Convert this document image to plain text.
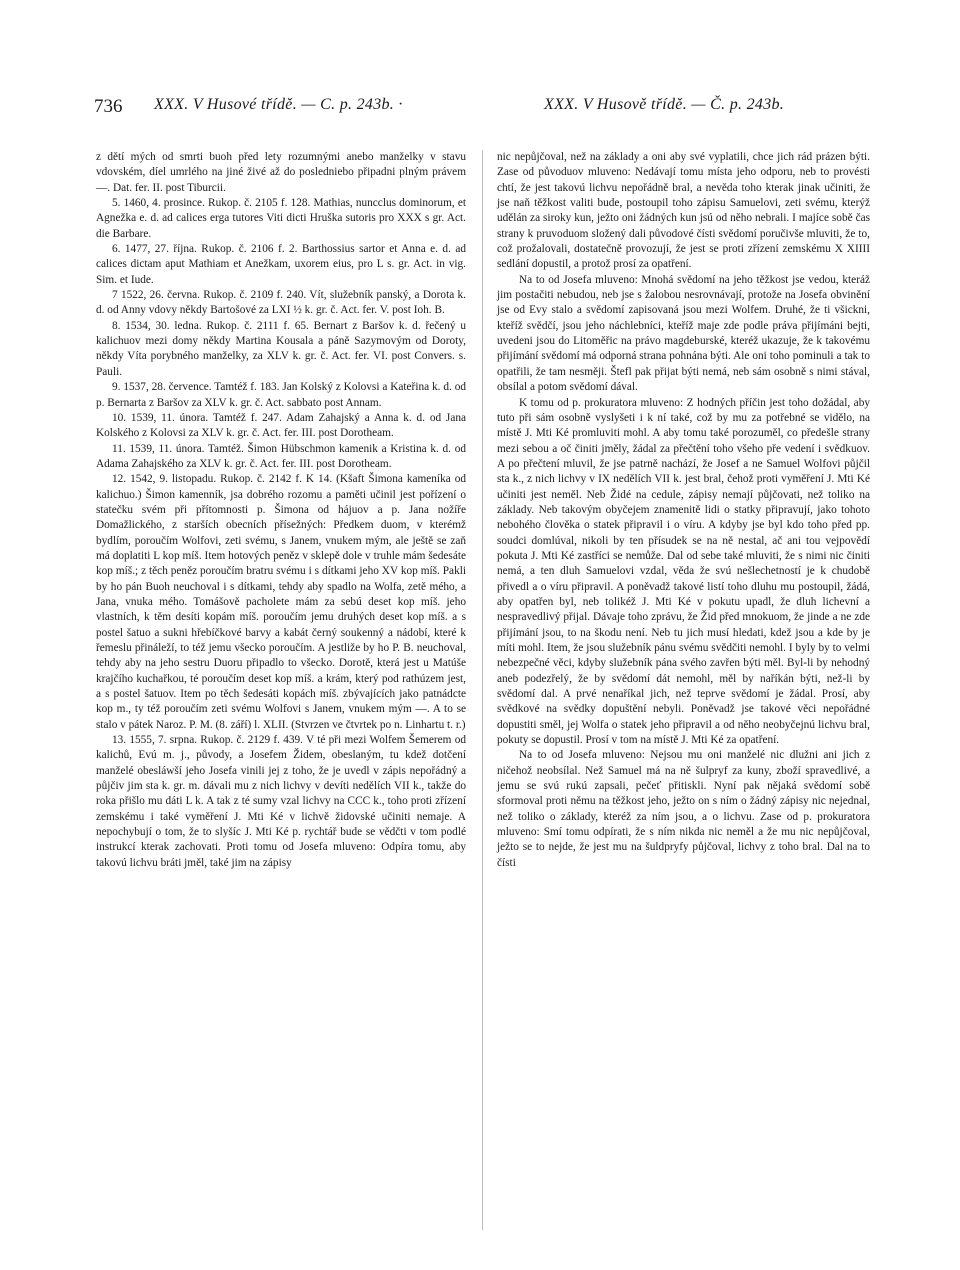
736 XXX. V Husové třídě. — C. p. 243b. ·	XXX. V Husově třídě. — Č. p. 243b.

z dětí mých od smrti buoh před lety rozumnými anebo manželky v stavu vdovském, díel umrlého na jiné živé až do posledniebo připadni plným právem —. Dat. fer. II. post Tiburcii.

5. 1460, 4. prosince. Rukop. č. 2105 f. 128. Mathias, nuncclus dominorum, et Agnežka e. d. ad calices erga tutores Viti dicti Hruška sutoris pro XXX s gr. Act. die Barbare.

6. 1477, 27. října. Rukop. č. 2106 f. 2. Barthossius sartor et Anna e. d. ad calices dictam aput Mathiam et Anežkam, uxorem eius, pro L s. gr. Act. in vig. Sim. et Iude.

7 1522, 26. června. Rukop. č. 2109 f. 240. Vít, služebník panský, a Dorota k. d. od Anny vdovy někdy Bartošové za LXI ½ k. gr. č. Act. fer. V. post Ioh. B.

8. 1534, 30. ledna. Rukop. č. 2111 f. 65. Bernart z Baršov k. d. řečený u kalichuov mezi domy někdy Martina Kousala a páně Sazymovým od Doroty, někdy Víta porybného manželky, za XLV k. gr. č. Act. fer. VI. post Convers. s. Pauli.

9. 1537, 28. července. Tamtéž f. 183. Jan Kolský z Kolovsi a Kateřina k. d. od p. Bernarta z Baršov za XLV k. gr. č. Act. sabbato post Annam.

10. 1539, 11. února. Tamtéž f. 247. Adam Zahajský a Anna k. d. od Jana Kolského z Kolovsi za XLV k. gr. č. Act. fer. III. post Dorotheam.

11. 1539, 11. února. Tamtéž. Šimon Hübschmon kamenik a Kristina k. d. od Adama Zahajského za XLV k. gr. č. Act. fer. III. post Dorotheam.

12. 1542, 9. listopadu. Rukop. č. 2142 f. K 14. (Kšaft Šimona kameníka od kalichuo.) Šimon kamenník, jsa dobrého rozomu a paměti učinil jest pořízení o statečku svém při přítomnosti p. Šimona od hájuov a p. Jana nožíře Domažlického, z starších obecních přísežných: Předkem duom, v kterémž bydlím, poroučím Wolfovi, zeti svému, s Janem, vnukem mým, ale ještě se zaň má doplatiti L kop míš. Item hotových peněz v sklepě dole v truhle mám šedesáte kop míš.; z těch peněz poroučím bratru svému i s dítkami jeho XV kop míš. Pakli by ho pán Buoh neuchoval i s dítkami, tehdy aby spadlo na Wolfa, zetě mého, a Jana, vnuka mého. Tomášově pacholete mám za sebú deset kop míš. jeho vlastních, k těm desíti kopám míš. poroučím jemu druhých deset kop míš. a s postel šatuo a sukni hřebíčkové barvy a kabát černý soukenný a nádobí, které k řemeslu přináleží, to též jemu všecko poroučím. A jestliže by ho P. B. neuchoval, tehdy aby na jeho sestru Duoru připadlo to všecko. Dorotě, která jest u Matúše krajčího kuchařkou, té poroučím deset kop míš. a krám, který pod rathúzem jest, a s postel šatuov. Item po těch šedesáti kopách míš. zbývajících jako patnádcte kop m., ty též poroučím zeti svému Wolfovi s Janem, vnukem mým —. A to se stalo v pátek Naroz. P. M. (8. září) l. XLII. (Stvrzen ve čtvrtek po n. Linhartu t. r.)

13. 1555, 7. srpna. Rukop. č. 2129 f. 439. V té při mezi Wolfem Šemerem od kalichů, Evú m. j., původy, a Josefem Židem, obeslaným, tu kdež dotčení manželé obesláwší jeho Josefa vinili jej z toho, že je uvedl v zápis nepořádný a půjčiv jim sta k. gr. m. dávali mu z nich lichvy v devíti nedělích VII k., takže do roka přišlo mu dáti L k. A tak z té sumy vzal lichvy na CCC k., toho proti zřízení zemskému i také vyměření J. Mti Ké v lichvě židovské učiniti nemaje. A nepochybují o tom, že to slyšíc J. Mti Ké p. rychtář bude se vědčti v tom podlé instrukcí kterak zachovati. Proti tomu od Josefa mluveno: Odpíra tomu, aby takovú lichvu bráti jměl, také jim na zápisy

nic nepůjčoval, než na základy a oni aby své vyplatili, chce jich rád prázen býti. Zase od původuov mluveno: Nedávají tomu místa jeho odporu, neb to provésti chtí, že jest takovú lichvu nepořádně bral, a nevěda toho kterak jinak učiniti, že jse naň těžkost valiti bude, postoupil toho zápisu Samuelovi, zeti svému, kterýž udělán za siroky kun, ježto oni žádných kun jsú od něho nebrali. I majíce sobě čas strany k pruvoduom složený dali původové čísti svědomí poručivše mluviti, že to, což prožalovali, dostatečně provozují, že jest se proti zřízení zemskému X XIIII sedlání dopustil, a protož prosí za opatření.

Na to od Josefa mluveno: Mnohá svědomí na jeho těžkost jse vedou, kteráž jim postačiti nebudou, neb jse s žalobou nesrovnávají, protože na Josefa obvinění jse od Evy stalo a svědomí zapisovaná jsou mezi Wolfem. Druhé, že ti všickni, kteříž svědčí, jsou jeho náchlebníci, kteříž maje zde podle práva přijímáni bejti, uvedeni jsou do Litoměřic na právo magdeburské, kteréž ukazuje, že k takovému přijímání svědomí má odporná strana pohnána býti. Ale oni toho pominuli a tak to opatřili, že tam nesměji. Štefl pak přijat býti nemá, neb sám osobně s nimi stával, obsílal a potom svědomí dával.

K tomu od p. prokuratora mluveno: Z hodných příčin jest toho dožádal, aby tuto při sám osobně vyslyšeti i k ní také, což by mu za potřebné se vidělo, na místě J. Mti Ké promluviti mohl. A aby tomu také porozuměl, co předešle strany mezi sebou a oč činiti jměly, žádal za přečtění toho všeho pře vedení i svědkuov. A po přečtení mluvil, že jse patrně nachází, že Josef a ne Samuel Wolfovi půjčil sta k., z nich lichvy v IX nedělích VII k. jest bral, čehož proti vyměření J. Mti Ké učiniti jest neměl. Neb Židé na cedule, zápisy nemají půjčovati, než toliko na základy. Neb takovým obyčejem znamenitě lidi o statky připravují, jako tohoto nebohého člověka o statek připravil i o víru. A kdyby jse byl kdo toho před pp. soudci domlúval, nikoli by ten přísudek se na ně nestal, ač ani tou vejpovědí pokuta J. Mti Ké zastříci se nemůže. Dal od sebe také mluviti, že s nimi nic činiti nemá, a ten dluh Samuelovi vzdal, věda že svú nešlechetností je k chudobě přivedl a o víru připravil. A poněvadž takové listí toho dluhu mu postoupil, žádá, aby opatřen byl, neb tolikéž J. Mti Ké v pokutu upadl, že dluh lichevní a nespravedlivý přijal. Dávaje toho zprávu, že Žid před mnokuom, že jinde a ne zde přijímání jsou, to na škodu není. Neb tu jich musí hledati, kdež jsou a kde by je míti mohl. Item, že jsou služebník pánu svému svědčiti nemohl. I byly by to velmi nebezpečné věci, kdyby služebník pána svého zavřen býti měl. Byl-li by nehodný aneb podezřelý, že by svědomí dát nemohl, měl by naříkán býti, než-li by svědomí dal. A prvé nenaříkal jich, než teprve svědomí je žádal. Prosí, aby svědkové na svědky dopuštění nebyli. Poněvadž jse takové věci nepořádné dopustiti směl, jej Wolfa o statek jeho připravil a od něho neobyčejnú lichvu bral, pokuty se dopustil. Prosí v tom na místě J. Mti Ké za opatření.

Na to od Josefa mluveno: Nejsou mu oni manželé nic dlužni ani jich z ničehož neobsílal. Než Samuel má na ně šulpryf za kuny, zboží spravedlivé, a jemu se svú rukú zapsali, pečeť přitiskli. Nyní pak nějaká svědomí sobě sformoval proti němu na těžkost jeho, ježto on s ním o žádný zápisy nic nejednal, než toliko o základy, kteréž za ním jsou, a o lichvu. Zase od p. prokuratora mluveno: Smí tomu odpírati, že s ním nikda nic neměl a že mu nic nepůjčoval, ježto se to nejde, že jest mu na šuldpryfy půjčoval, lichvy z toho bral. Dal na to čísti
